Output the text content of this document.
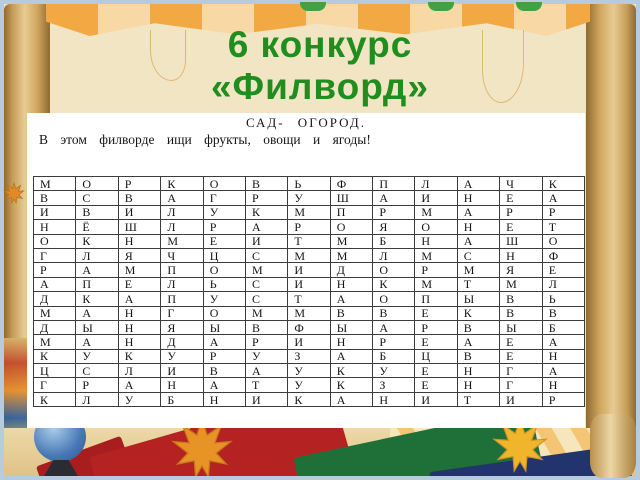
6 конкурс
«Филворд»
САД- ОГОРОД.
В этом филворде ищи фрукты, овощи и ягоды!
М	О	Р	К	О	В	Ь	Ф	П	Л	А	Ч	К
В	С	В	А	Г	Р	У	Ш	А	И	Н	Е	А
И	В	И	Л	У	К	М	П	Р	М	А	Р	Р
Н	Ё	Ш	Л	Р	А	Р	О	Я	О	Н	Е	Т
О	К	Н	М	Е	И	Т	М	Б	Н	А	Ш	О
Г	Л	Я	Ч	Ц	С	М	М	Л	М	С	Н	Ф
Р	А	М	П	О	М	И	Д	О	Р	М	Я	Е
А	П	Е	Л	Ь	С	И	Н	К	М	Т	М	Л
Д	К	А	П	У	С	Т	А	О	П	Ы	В	Ь
М	А	Н	Г	О	М	М	В	В	Е	К	В	В
Д	Ы	Н	Я	Ы	В	Ф	Ы	А	Р	В	Ы	Б
М	А	Н	Д	А	Р	И	Н	Р	Е	А	Е	А
К	У	К	У	Р	У	З	А	Б	Ц	В	Е	Н
Ц	С	Л	И	В	А	У	К	У	Е	Н	Г	А
Г	Р	А	Н	А	Т	У	К	З	Е	Н	Г	Н
К	Л	У	Б	Н	И	К	А	Н	И	Т	И	Р
